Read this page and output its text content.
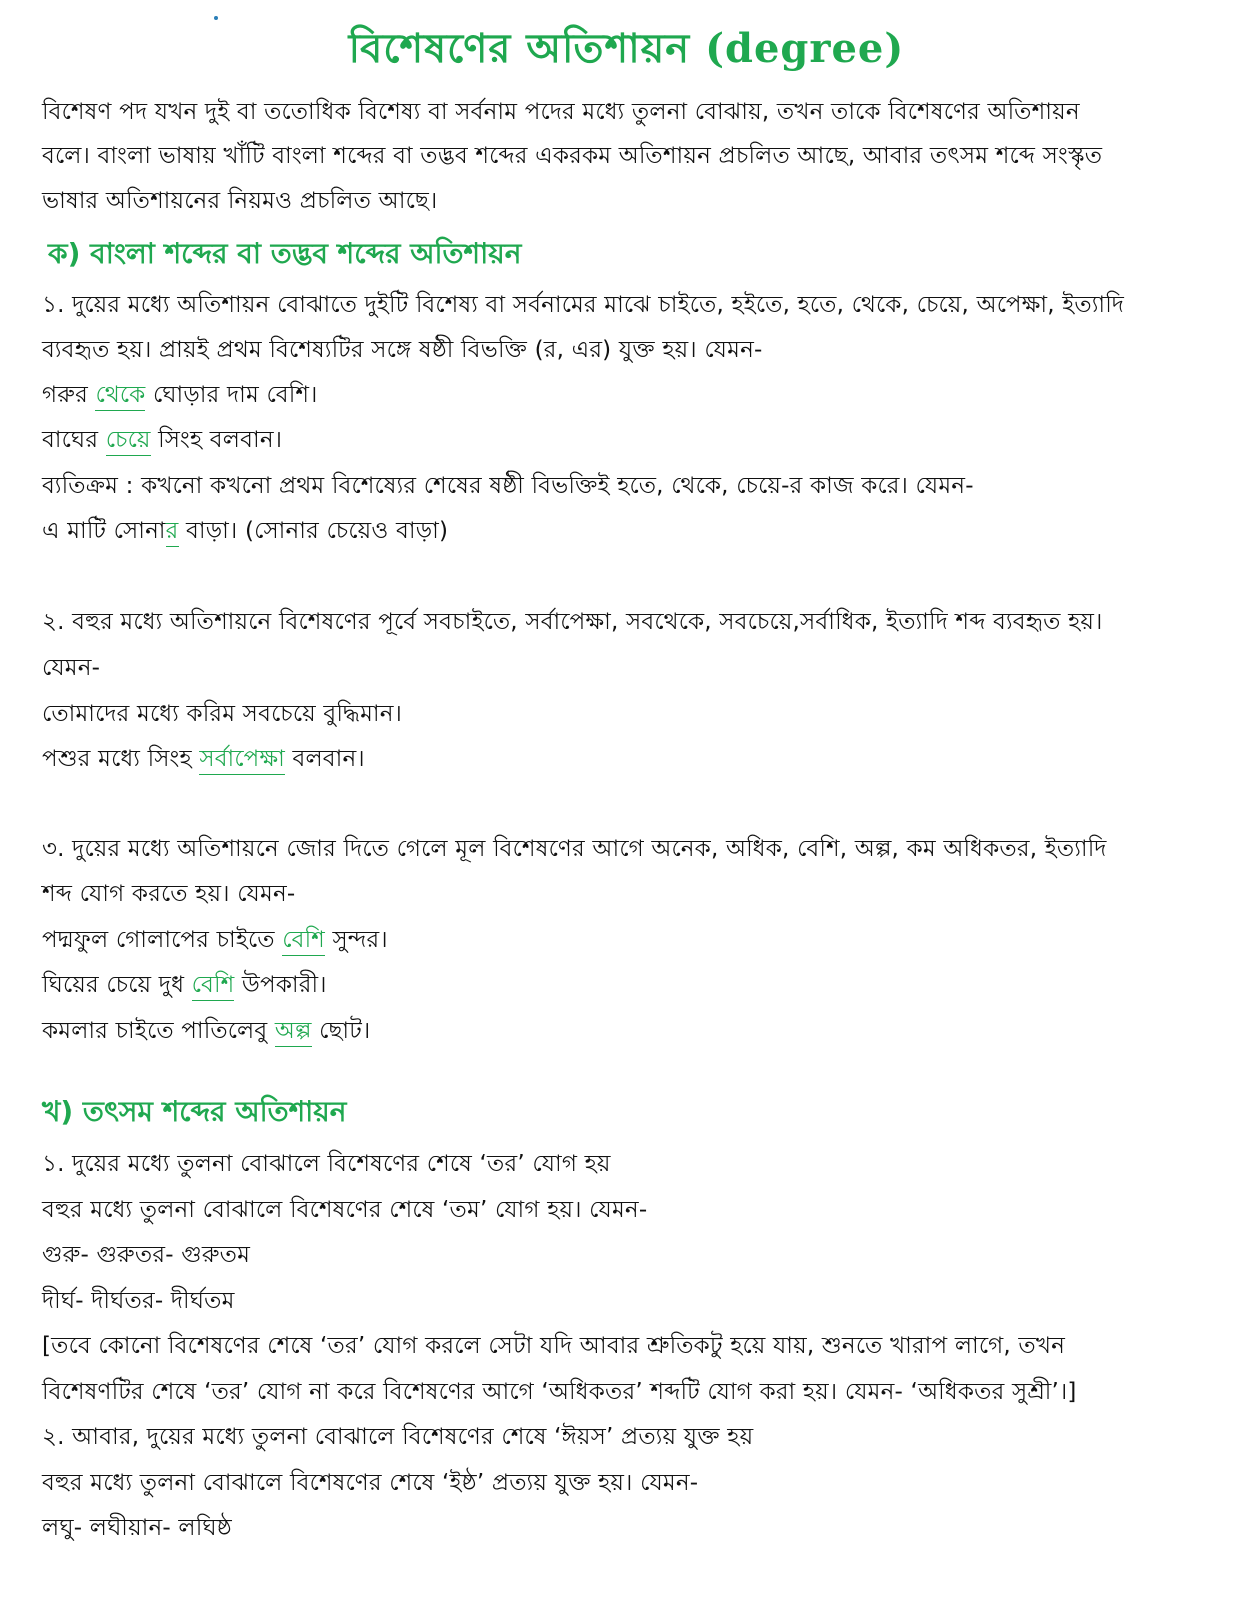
বিশেষণের অতিশায়ন (degree)
বিশেষণ পদ যখন দুই বা ততোধিক বিশেষ্য বা সর্বনাম পদের মধ্যে তুলনা বোঝায়, তখন তাকে বিশেষণের অতিশায়ন
বলে। বাংলা ভাষায় খাঁটি বাংলা শব্দের বা তদ্ভব শব্দের একরকম অতিশায়ন প্রচলিত আছে, আবার তৎসম শব্দে সংস্কৃত
ভাষার অতিশায়নের নিয়মও প্রচলিত আছে।
ক) বাংলা শব্দের বা তদ্ভব শব্দের অতিশায়ন
১. দুয়ের মধ্যে অতিশায়ন বোঝাতে দুইটি বিশেষ্য বা সর্বনামের মাঝে চাইতে, হইতে, হতে, থেকে, চেয়ে, অপেক্ষা, ইত্যাদি
ব্যবহৃত হয়। প্রায়ই প্রথম বিশেষ্যটির সঙ্গে ষষ্ঠী বিভক্তি (র, এর) যুক্ত হয়। যেমন-
গরুর থেকে ঘোড়ার দাম বেশি।
বাঘের চেয়ে সিংহ বলবান।
ব্যতিক্রম : কখনো কখনো প্রথম বিশেষ্যের শেষের ষষ্ঠী বিভক্তিই হতে, থেকে, চেয়ে-র কাজ করে। যেমন-
এ মাটি সোনার বাড়া। (সোনার চেয়েও বাড়া)
২. বহুর মধ্যে অতিশায়নে বিশেষণের পূর্বে সবচাইতে, সর্বাপেক্ষা, সবথেকে, সবচেয়ে,সর্বাধিক, ইত্যাদি শব্দ ব্যবহৃত হয়।
যেমন-
তোমাদের মধ্যে করিম সবচেয়ে বুদ্ধিমান।
পশুর মধ্যে সিংহ সর্বাপেক্ষা বলবান।
৩. দুয়ের মধ্যে অতিশায়নে জোর দিতে গেলে মূল বিশেষণের আগে অনেক, অধিক, বেশি, অল্প, কম অধিকতর, ইত্যাদি
শব্দ যোগ করতে হয়। যেমন-
পদ্মফুল গোলাপের চাইতে বেশি সুন্দর।
ঘিয়ের চেয়ে দুধ বেশি উপকারী।
কমলার চাইতে পাতিলেবু অল্প ছোট।
খ) তৎসম শব্দের অতিশায়ন
১. দুয়ের মধ্যে তুলনা বোঝালে বিশেষণের শেষে ‘তর’ যোগ হয়
বহুর মধ্যে তুলনা বোঝালে বিশেষণের শেষে ‘তম’ যোগ হয়। যেমন-
গুরু- গুরুতর- গুরুতম
দীর্ঘ- দীর্ঘতর- দীর্ঘতম
[তবে কোনো বিশেষণের শেষে ‘তর’ যোগ করলে সেটা যদি আবার শ্রুতিকটু হয়ে যায়, শুনতে খারাপ লাগে, তখন
বিশেষণটির শেষে ‘তর’ যোগ না করে বিশেষণের আগে ‘অধিকতর’ শব্দটি যোগ করা হয়। যেমন- ‘অধিকতর সুশ্রী’।]
২. আবার, দুয়ের মধ্যে তুলনা বোঝালে বিশেষণের শেষে ‘ঈয়স’ প্রত্যয় যুক্ত হয়
বহুর মধ্যে তুলনা বোঝালে বিশেষণের শেষে ‘ইষ্ঠ’ প্রত্যয় যুক্ত হয়। যেমন-
লঘু- লঘীয়ান- লঘিষ্ঠ
